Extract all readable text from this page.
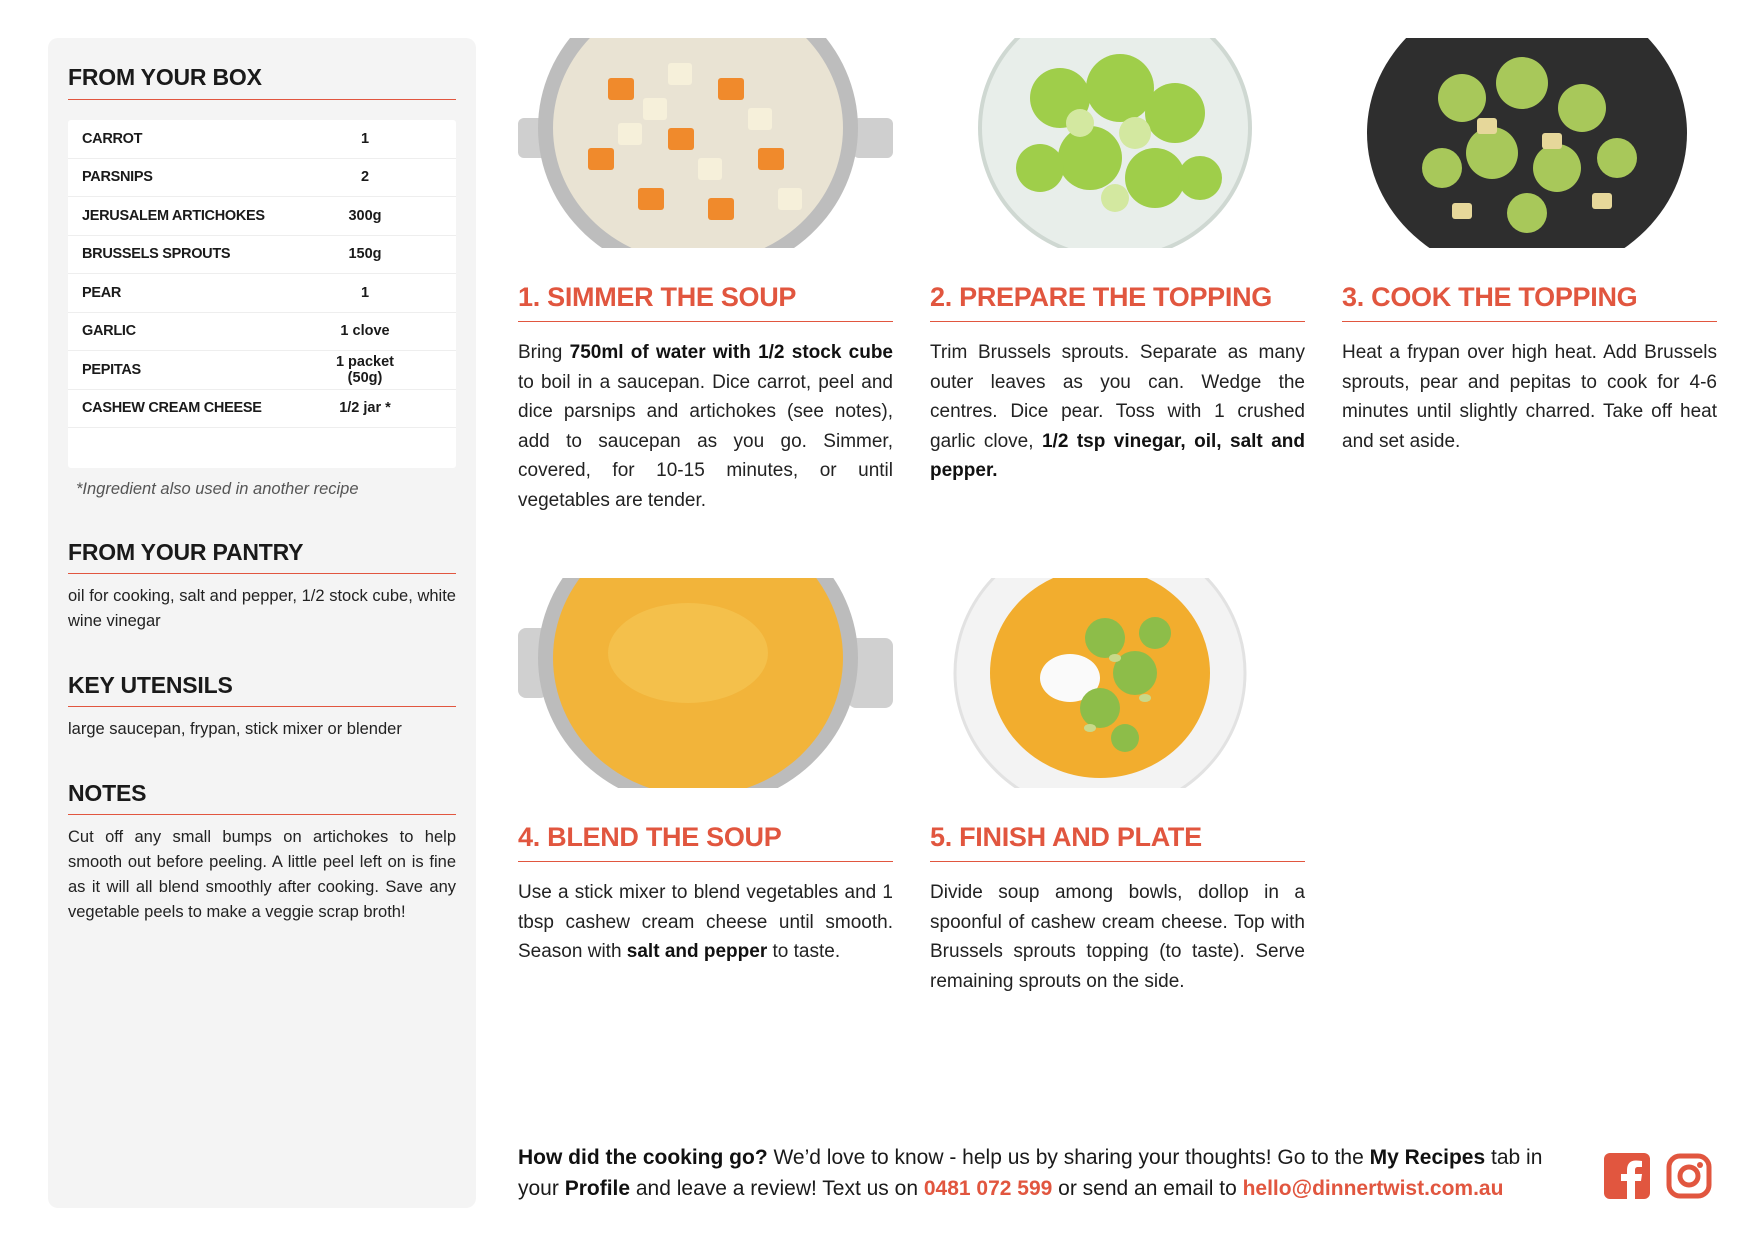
FROM YOUR BOX
CARROT	1
PARSNIPS	2
JERUSALEM ARTICHOKES	300g
BRUSSELS SPROUTS	150g
PEAR	1
GARLIC	1 clove
PEPITAS	1 packet (50g)
CASHEW CREAM CHEESE	1/2 jar *
*Ingredient also used in another recipe
FROM YOUR PANTRY
oil for cooking, salt and pepper, 1/2 stock cube, white wine vinegar
KEY UTENSILS
large saucepan, frypan, stick mixer or blender
NOTES
Cut off any small bumps on artichokes to help smooth out before peeling. A little peel left on is fine as it will all blend smoothly after cooking. Save any vegetable peels to make a veggie scrap broth!
1. SIMMER THE SOUP
Bring 750ml of water with 1/2 stock cube to boil in a saucepan. Dice carrot, peel and dice parsnips and artichokes (see notes), add to saucepan as you go. Simmer, covered, for 10-15 minutes, or until vegetables are tender.
2. PREPARE THE TOPPING
Trim Brussels sprouts. Separate as many outer leaves as you can. Wedge the centres. Dice pear. Toss with 1 crushed garlic clove, 1/2 tsp vinegar, oil, salt and pepper.
3. COOK THE TOPPING
Heat a frypan over high heat. Add Brussels sprouts, pear and pepitas to cook for 4-6 minutes until slightly charred. Take off heat and set aside.
4. BLEND THE SOUP
Use a stick mixer to blend vegetables and 1 tbsp cashew cream cheese until smooth. Season with salt and pepper to taste.
5. FINISH AND PLATE
Divide soup among bowls, dollop in a spoonful of cashew cream cheese. Top with Brussels sprouts topping (to taste). Serve remaining sprouts on the side.
How did the cooking go? We’d love to know - help us by sharing your thoughts! Go to the My Recipes tab in your Profile and leave a review! Text us on 0481 072 599 or send an email to hello@dinnertwist.com.au
